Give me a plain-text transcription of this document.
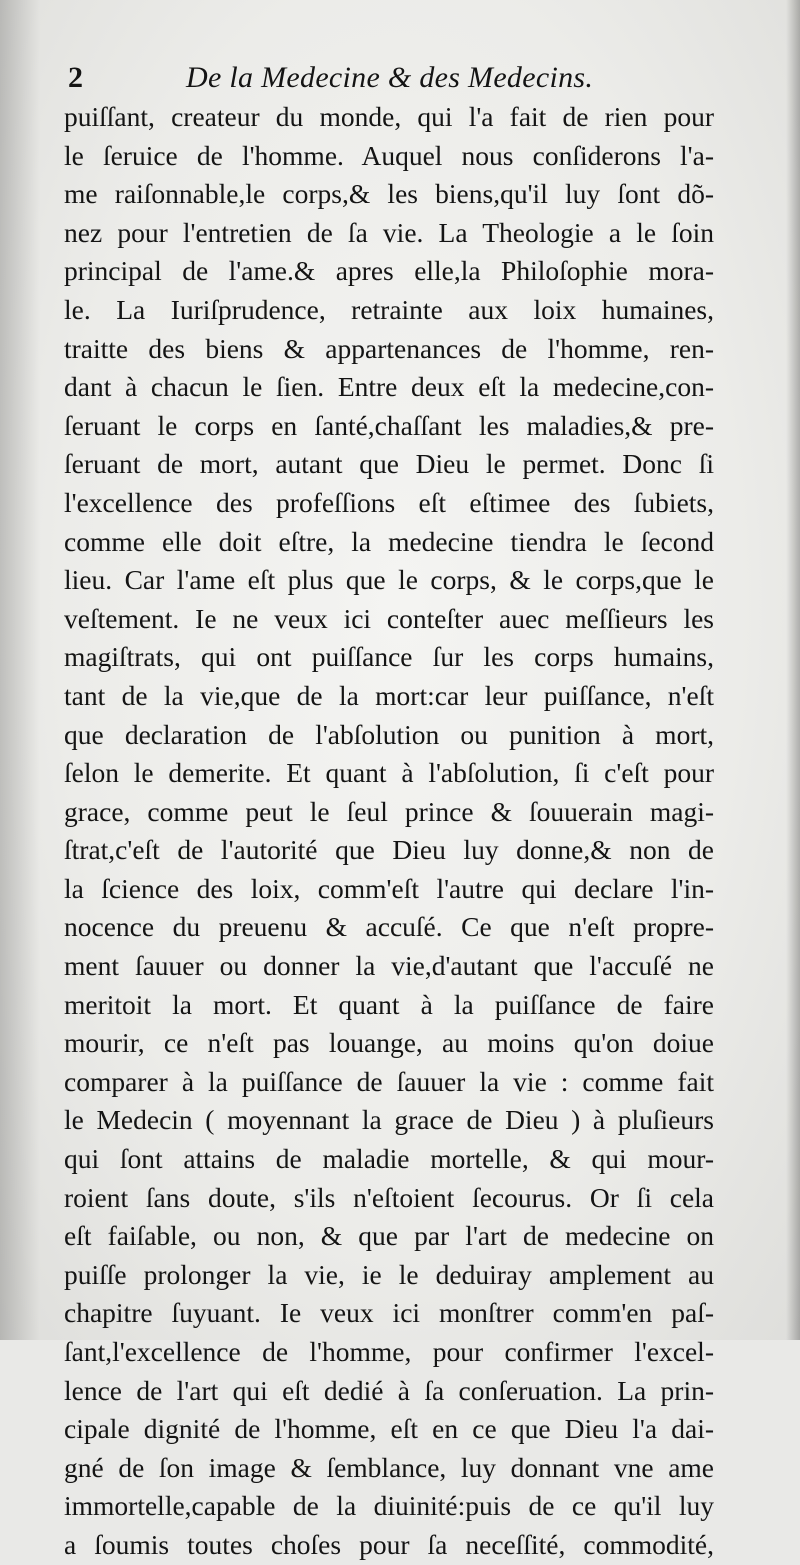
2	De la Medecine & des Medecins.
puiſſant, createur du monde, qui l'a fait de rien pour
le ſeruice de l'homme. Auquel nous conſiderons l'a-
me raiſonnable,le corps,& les biens,qu'il luy ſont dõ-
nez pour l'entretien de ſa vie. La Theologie a le ſoin
principal de l'ame.& apres elle,la Philoſophie mora-
le. La Iuriſprudence, retrainte aux loix humaines,
traitte des biens & appartenances de l'homme, ren-
dant à chacun le ſien. Entre deux eſt la medecine,con-
ſeruant le corps en ſanté,chaſſant les maladies,& pre-
ſeruant de mort, autant que Dieu le permet. Donc ſi
l'excellence des profeſſions eſt eſtimee des ſubiets,
comme elle doit eſtre, la medecine tiendra le ſecond
lieu. Car l'ame eſt plus que le corps, & le corps,que le
veſtement. Ie ne veux ici conteſter auec meſſieurs les
magiſtrats, qui ont puiſſance ſur les corps humains,
tant de la vie,que de la mort:car leur puiſſance, n'eſt
que declaration de l'abſolution ou punition à mort,
ſelon le demerite. Et quant à l'abſolution, ſi c'eſt pour
grace, comme peut le ſeul prince & ſouuerain magi-
ſtrat,c'eſt de l'autorité que Dieu luy donne,& non de
la ſcience des loix, comm'eſt l'autre qui declare l'in-
nocence du preuenu & accuſé. Ce que n'eſt propre-
ment ſauuer ou donner la vie,d'autant que l'accuſé ne
meritoit la mort. Et quant à la puiſſance de faire
mourir, ce n'eſt pas louange, au moins qu'on doiue
comparer à la puiſſance de ſauuer la vie : comme fait
le Medecin ( moyennant la grace de Dieu ) à pluſieurs
qui ſont attains de maladie mortelle, & qui mour-
roient ſans doute, s'ils n'eſtoient ſecourus. Or ſi cela
eſt faiſable, ou non, & que par l'art de medecine on
puiſſe prolonger la vie, ie le deduiray amplement au
chapitre ſuyuant. Ie veux ici monſtrer comm'en paſ-
ſant,l'excellence de l'homme, pour confirmer l'excel-
lence de l'art qui eſt dedié à ſa conſeruation. La prin-
cipale dignité de l'homme, eſt en ce que Dieu l'a dai-
gné de ſon image & ſemblance, luy donnant vne ame
immortelle,capable de la diuinité:puis de ce qu'il luy
a ſoumis toutes choſes pour ſa neceſſité, commodité,
